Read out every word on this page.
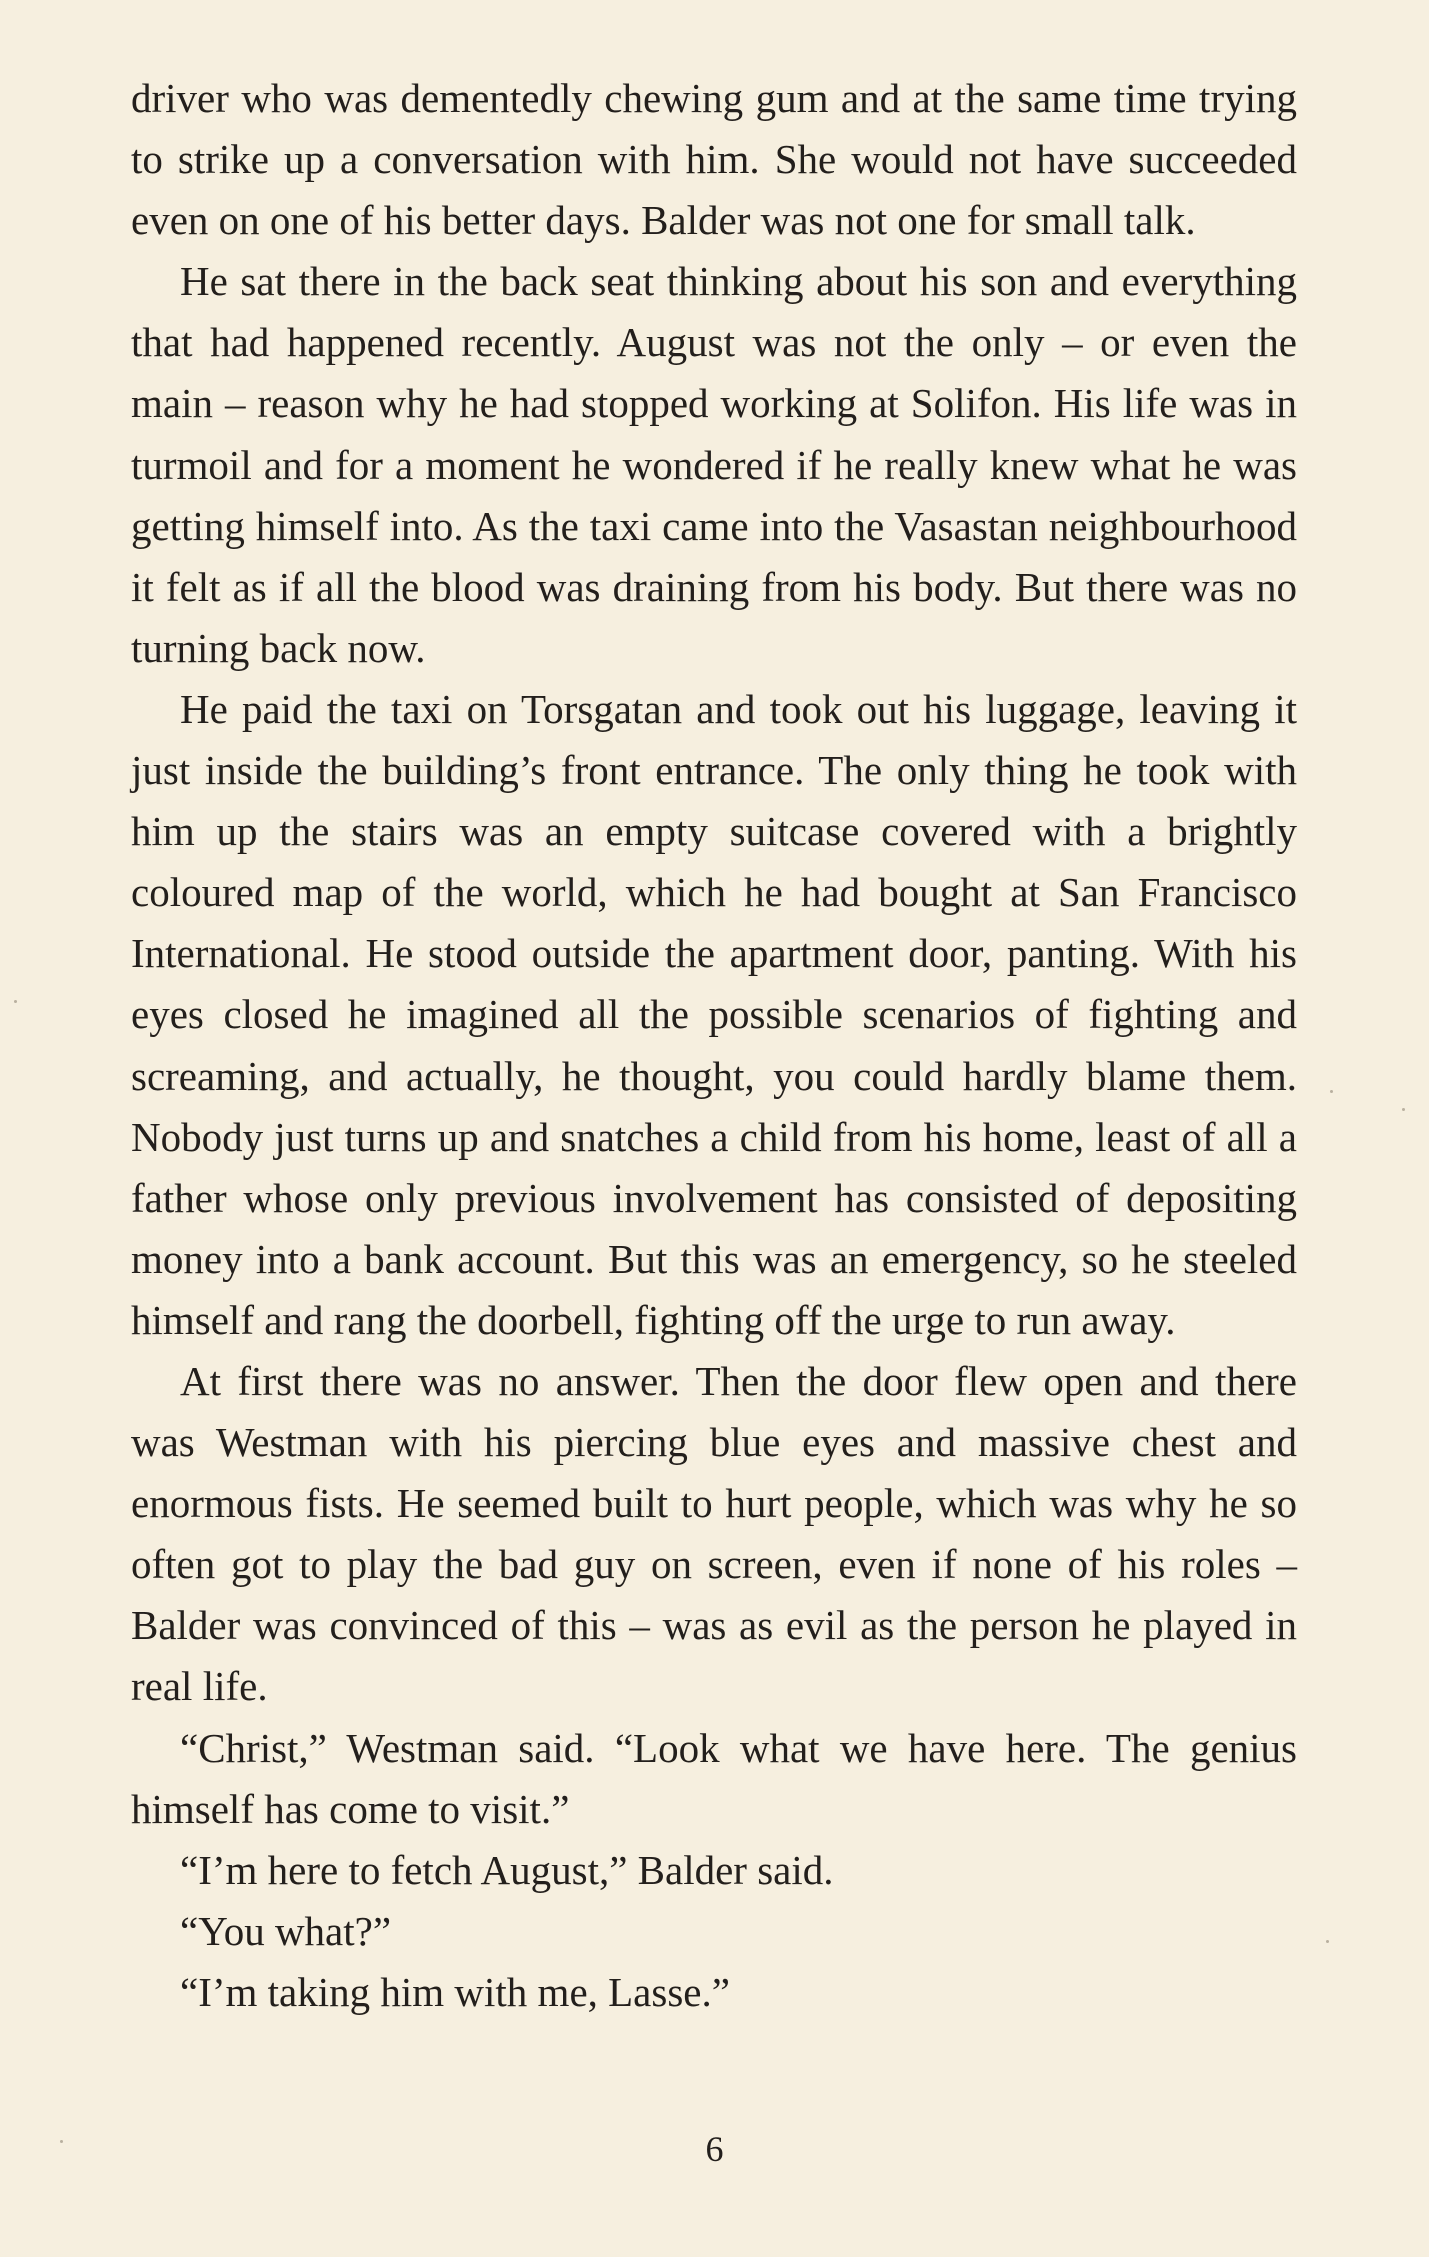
driver who was dementedly chewing gum and at the same time trying to strike up a conversation with him. She would not have succeeded even on one of his better days. Balder was not one for small talk.

He sat there in the back seat thinking about his son and everything that had happened recently. August was not the only – or even the main – reason why he had stopped working at Solifon. His life was in turmoil and for a moment he wondered if he really knew what he was getting himself into. As the taxi came into the Vasastan neighbourhood it felt as if all the blood was draining from his body. But there was no turning back now.

He paid the taxi on Torsgatan and took out his luggage, leaving it just inside the building’s front entrance. The only thing he took with him up the stairs was an empty suitcase covered with a brightly coloured map of the world, which he had bought at San Francisco International. He stood outside the apartment door, panting. With his eyes closed he imagined all the possible scenarios of fighting and screaming, and actually, he thought, you could hardly blame them. Nobody just turns up and snatches a child from his home, least of all a father whose only previous involvement has consisted of depositing money into a bank account. But this was an emergency, so he steeled himself and rang the doorbell, fighting off the urge to run away.

At first there was no answer. Then the door flew open and there was Westman with his piercing blue eyes and massive chest and enormous fists. He seemed built to hurt people, which was why he so often got to play the bad guy on screen, even if none of his roles – Balder was convinced of this – was as evil as the person he played in real life.

“Christ,” Westman said. “Look what we have here. The genius himself has come to visit.”

“I’m here to fetch August,” Balder said.

“You what?”

“I’m taking him with me, Lasse.”

6
